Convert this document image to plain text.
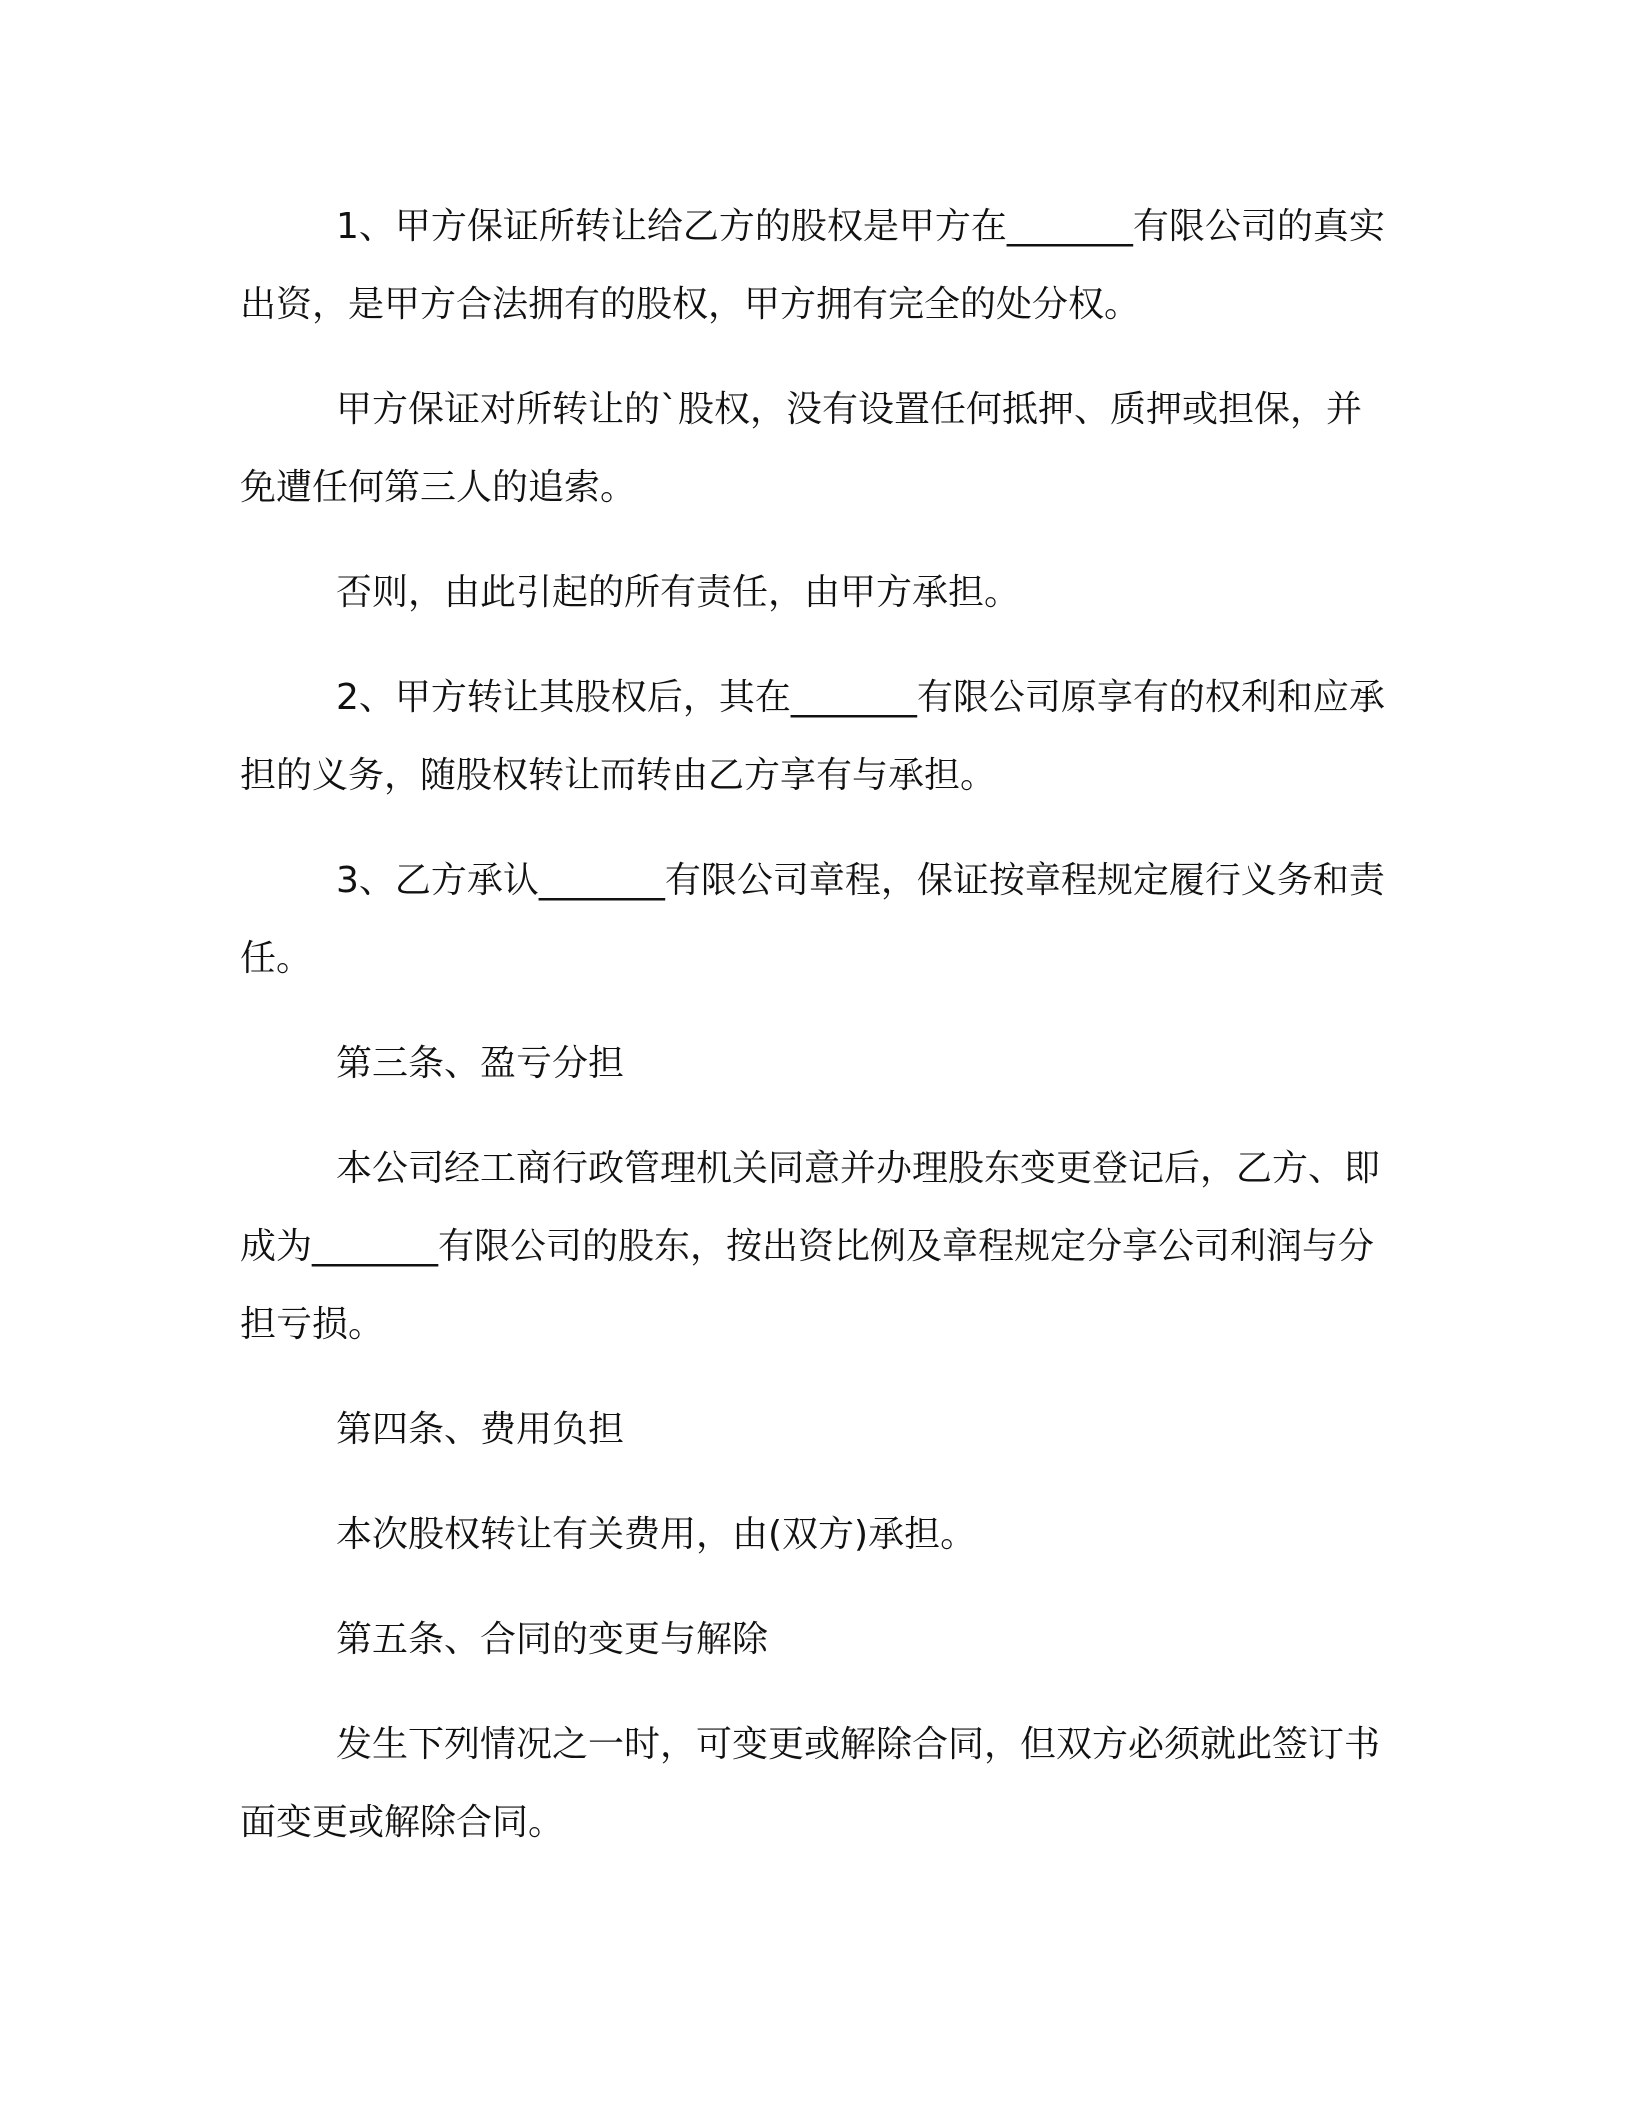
1、甲方保证所转让给乙方的股权是甲方在_______有限公司的真实出资，是甲方合法拥有的股权，甲方拥有完全的处分权。

甲方保证对所转让的`股权，没有设置任何抵押、质押或担保，并免遭任何第三人的追索。

否则，由此引起的所有责任，由甲方承担。

2、甲方转让其股权后，其在_______有限公司原享有的权利和应承担的义务，随股权转让而转由乙方享有与承担。

3、乙方承认_______有限公司章程，保证按章程规定履行义务和责任。

第三条、盈亏分担

本公司经工商行政管理机关同意并办理股东变更登记后，乙方、即成为_______有限公司的股东，按出资比例及章程规定分享公司利润与分担亏损。

第四条、费用负担

本次股权转让有关费用，由(双方)承担。

第五条、合同的变更与解除

发生下列情况之一时，可变更或解除合同，但双方必须就此签订书面变更或解除合同。
